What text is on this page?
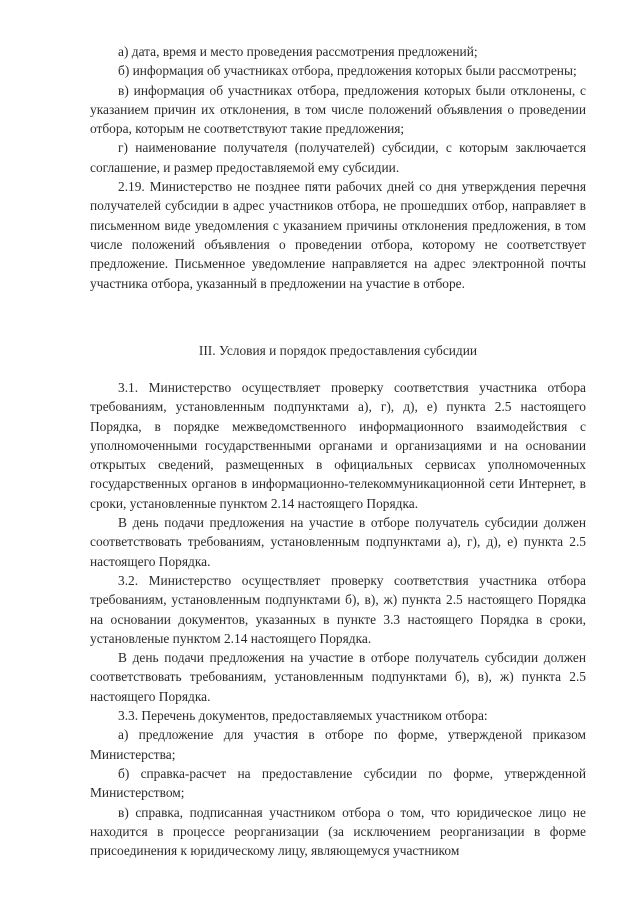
а) дата, время и место проведения рассмотрения предложений;

б) информация об участниках отбора, предложения которых были рассмотрены;

в) информация об участниках отбора, предложения которых были отклонены, с указанием причин их отклонения, в том числе положений объявления о проведении отбора, которым не соответствуют такие предложения;

г) наименование получателя (получателей) субсидии, с которым заключается соглашение, и размер предоставляемой ему субсидии.

2.19. Министерство не позднее пяти рабочих дней со дня утверждения перечня получателей субсидии в адрес участников отбора, не прошедших отбор, направляет в письменном виде уведомления с указанием причины отклонения предложения, в том числе положений объявления о проведении отбора, которому не соответствует предложение. Письменное уведомление направляется на адрес электронной почты участника отбора, указанный в предложении на участие в отборе.

III. Условия и порядок предоставления субсидии

3.1. Министерство осуществляет проверку соответствия участника отбора требованиям, установленным подпунктами а), г), д), е) пункта 2.5 настоящего Порядка, в порядке межведомственного информационного взаимодействия с уполномоченными государственными органами и организациями и на основании открытых сведений, размещенных в официальных сервисах уполномоченных государственных органов в информационно-телекоммуникационной сети Интернет, в сроки, установленные пунктом 2.14 настоящего Порядка.

В день подачи предложения на участие в отборе получатель субсидии должен соответствовать требованиям, установленным подпунктами а), г), д), е) пункта 2.5 настоящего Порядка.

3.2. Министерство осуществляет проверку соответствия участника отбора требованиям, установленным подпунктами б), в), ж) пункта 2.5 настоящего Порядка на основании документов, указанных в пункте 3.3 настоящего Порядка в сроки, установленые пунктом 2.14 настоящего Порядка.

В день подачи предложения на участие в отборе получатель субсидии должен соответствовать требованиям, установленным подпунктами б), в), ж) пункта 2.5 настоящего Порядка.

3.3. Перечень документов, предоставляемых участником отбора:

а) предложение для участия в отборе по форме, утвержденой приказом Министерства;

б) справка-расчет на предоставление субсидии по форме, утвержденной Министерством;

в) справка, подписанная участником отбора о том, что юридическое лицо не находится в процессе реорганизации (за исключением реорганизации в форме присоединения к юридическому лицу, являющемуся участником
